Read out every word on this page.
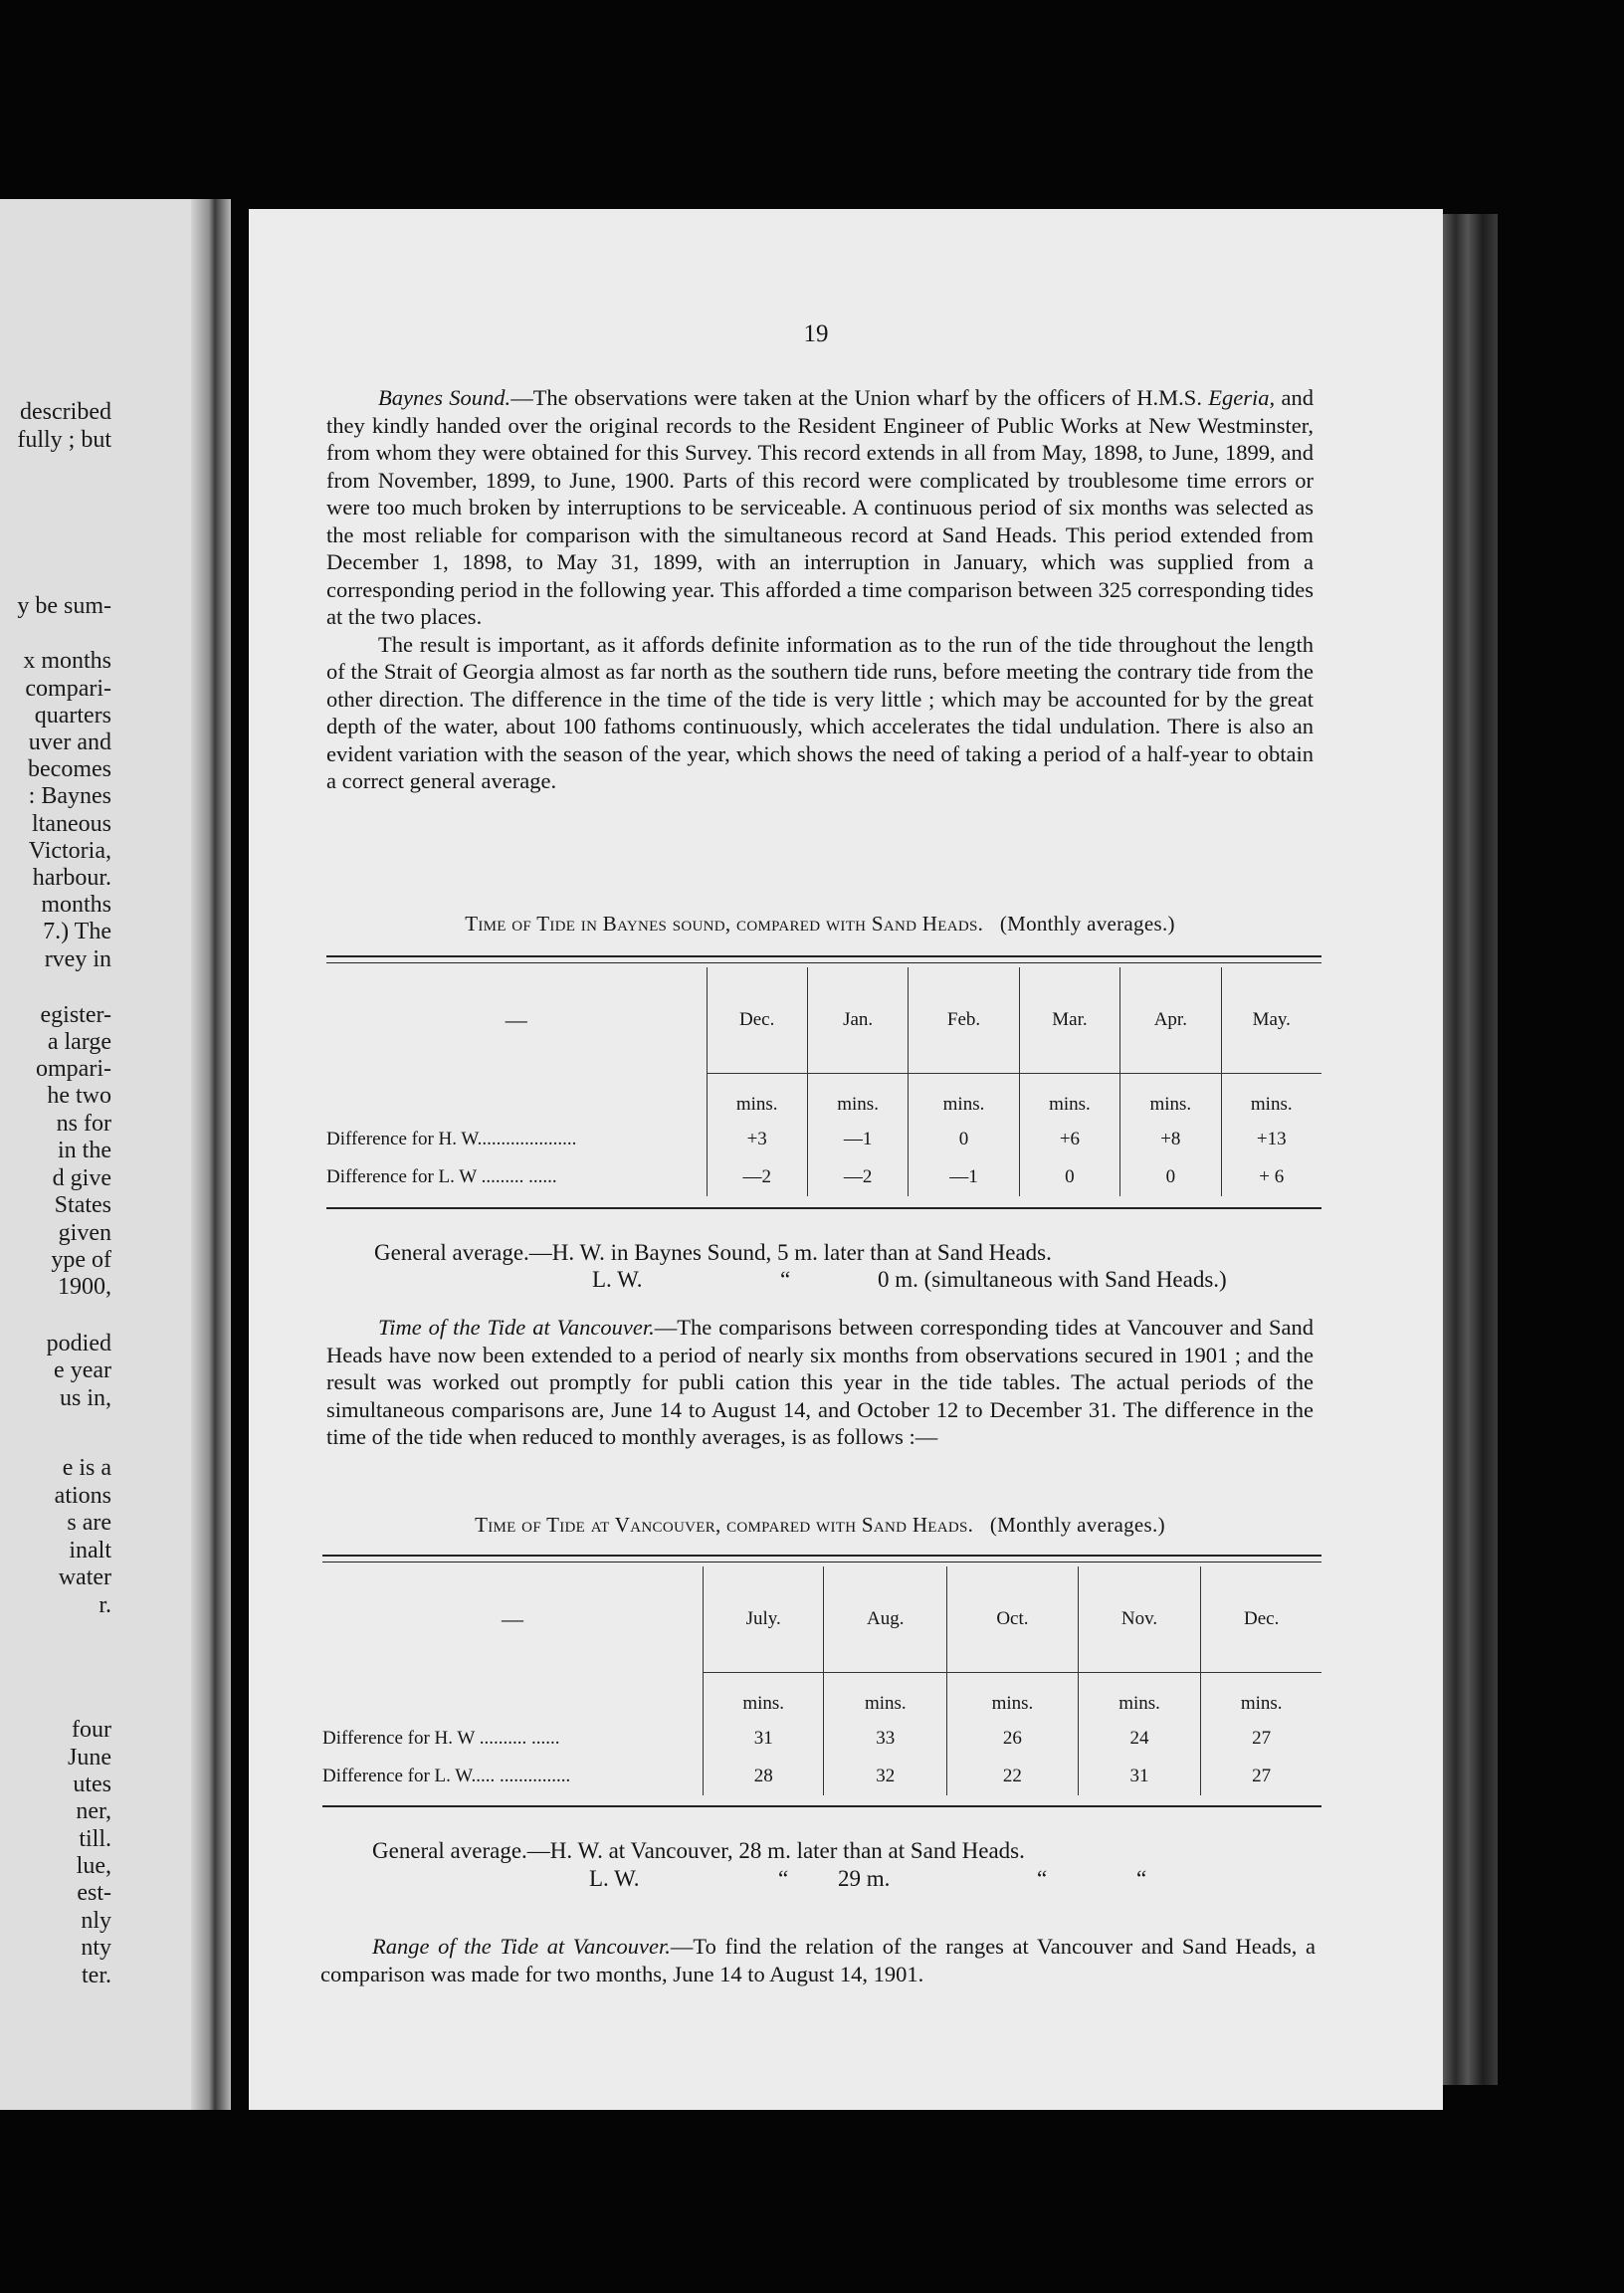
described
fully ; but
y be sum-
x months
compari-
quarters
uver and
becomes
: Baynes
ltaneous
Victoria,
harbour.
months
7.) The
rvey in
egister-
a large
ompari-
he two
ns for
in the
d give
States
given
ype of
1900,
podied
e year
us in,
e is a
ations
s are
inalt
water
r.
four
June
utes
ner,
till.
lue,
est-
nly
nty
ter.
19

Baynes Sound.—The observations were taken at the Union wharf by the officers of H.M.S. Egeria, and they kindly handed over the original records to the Resident Engineer of Public Works at New Westminster, from whom they were obtained for this Survey. This record extends in all from May, 1898, to June, 1899, and from November, 1899, to June, 1900. Parts of this record were complicated by troublesome time errors or were too much broken by interruptions to be serviceable. A continuous period of six months was selected as the most reliable for comparison with the simultaneous record at Sand Heads. This period extended from December 1, 1898, to May 31, 1899, with an interruption in January, which was supplied from a corresponding period in the following year. This afforded a time comparison between 325 corresponding tides at the two places.

The result is important, as it affords definite information as to the run of the tide throughout the length of the Strait of Georgia almost as far north as the southern tide runs, before meeting the contrary tide from the other direction. The difference in the time of the tide is very little ; which may be accounted for by the great depth of the water, about 100 fathoms continuously, which accelerates the tidal undulation. There is also an evident variation with the season of the year, which shows the need of taking a period of a half-year to obtain a correct general average.

Time of Tide in Baynes sound, compared with Sand Heads. (Monthly averages.)
—	Dec.	Jan.	Feb.	Mar.	Apr.	May.
	mins.	mins.	mins.	mins.	mins.	mins.
Difference for H. W.....................	+3	—1	0	+6	+8	+13
Difference for L. W ......... ......	—2	—2	—1	0	0	+ 6
General average.—H. W. in Baynes Sound, 5 m. later than at Sand Heads.
L. W.	“	0 m. (simultaneous with Sand Heads.)

Time of the Tide at Vancouver.—The comparisons between corresponding tides at Vancouver and Sand Heads have now been extended to a period of nearly six months from observations secured in 1901 ; and the result was worked out promptly for publi cation this year in the tide tables. The actual periods of the simultaneous comparisons are, June 14 to August 14, and October 12 to December 31. The difference in the time of the tide when reduced to monthly averages, is as follows :—

Time of Tide at Vancouver, compared with Sand Heads. (Monthly averages.)
—	July.	Aug.	Oct.	Nov.	Dec.
	mins.	mins.	mins.	mins.	mins.
Difference for H. W .......... ......	31	33	26	24	27
Difference for L. W..... ...............	28	32	22	31	27
General average.—H. W. at Vancouver, 28 m. later than at Sand Heads.
L. W.	“ 29 m.	“	“

Range of the Tide at Vancouver.—To find the relation of the ranges at Vancouver and Sand Heads, a comparison was made for two months, June 14 to August 14, 1901.
